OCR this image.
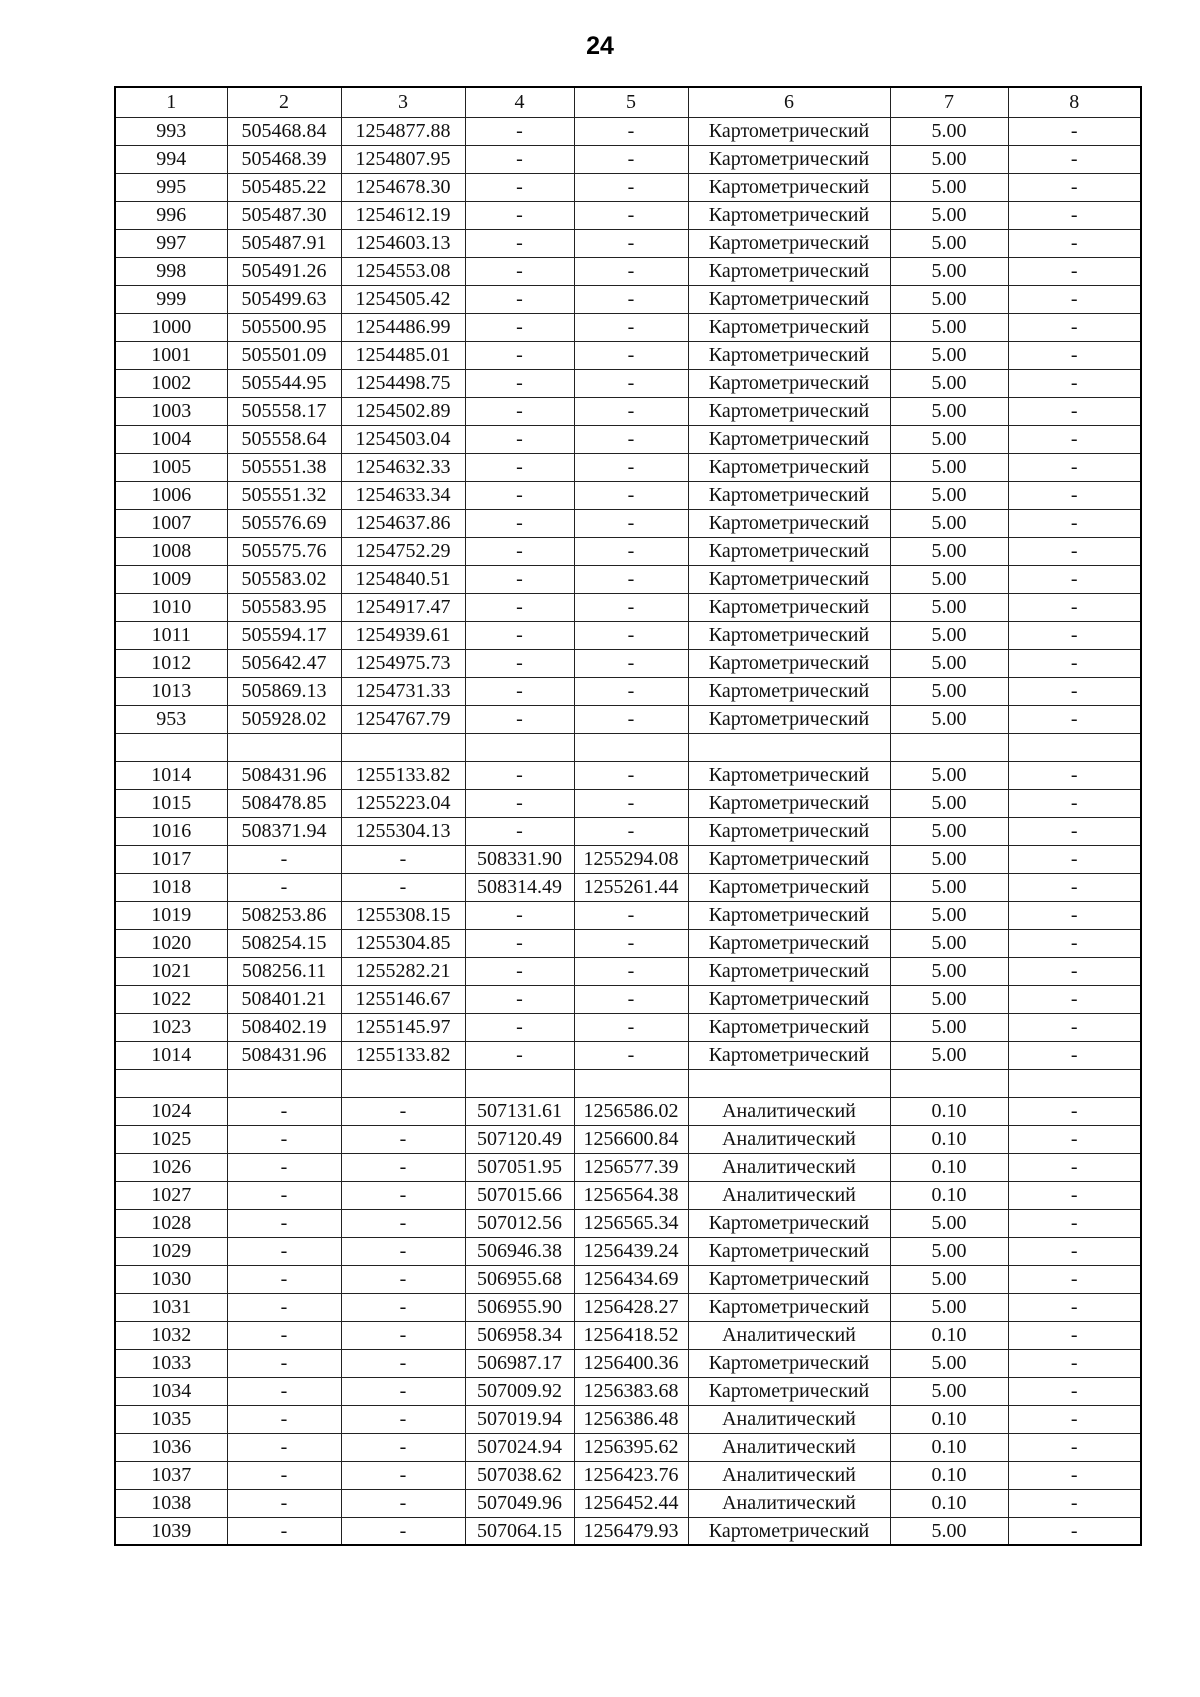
24
1	2	3	4	5	6	7	8
993	505468.84	1254877.88	-	-	Картометрический	5.00	-
994	505468.39	1254807.95	-	-	Картометрический	5.00	-
995	505485.22	1254678.30	-	-	Картометрический	5.00	-
996	505487.30	1254612.19	-	-	Картометрический	5.00	-
997	505487.91	1254603.13	-	-	Картометрический	5.00	-
998	505491.26	1254553.08	-	-	Картометрический	5.00	-
999	505499.63	1254505.42	-	-	Картометрический	5.00	-
1000	505500.95	1254486.99	-	-	Картометрический	5.00	-
1001	505501.09	1254485.01	-	-	Картометрический	5.00	-
1002	505544.95	1254498.75	-	-	Картометрический	5.00	-
1003	505558.17	1254502.89	-	-	Картометрический	5.00	-
1004	505558.64	1254503.04	-	-	Картометрический	5.00	-
1005	505551.38	1254632.33	-	-	Картометрический	5.00	-
1006	505551.32	1254633.34	-	-	Картометрический	5.00	-
1007	505576.69	1254637.86	-	-	Картометрический	5.00	-
1008	505575.76	1254752.29	-	-	Картометрический	5.00	-
1009	505583.02	1254840.51	-	-	Картометрический	5.00	-
1010	505583.95	1254917.47	-	-	Картометрический	5.00	-
1011	505594.17	1254939.61	-	-	Картометрический	5.00	-
1012	505642.47	1254975.73	-	-	Картометрический	5.00	-
1013	505869.13	1254731.33	-	-	Картометрический	5.00	-
953	505928.02	1254767.79	-	-	Картометрический	5.00	-

1014	508431.96	1255133.82	-	-	Картометрический	5.00	-
1015	508478.85	1255223.04	-	-	Картометрический	5.00	-
1016	508371.94	1255304.13	-	-	Картометрический	5.00	-
1017	-	-	508331.90	1255294.08	Картометрический	5.00	-
1018	-	-	508314.49	1255261.44	Картометрический	5.00	-
1019	508253.86	1255308.15	-	-	Картометрический	5.00	-
1020	508254.15	1255304.85	-	-	Картометрический	5.00	-
1021	508256.11	1255282.21	-	-	Картометрический	5.00	-
1022	508401.21	1255146.67	-	-	Картометрический	5.00	-
1023	508402.19	1255145.97	-	-	Картометрический	5.00	-
1014	508431.96	1255133.82	-	-	Картометрический	5.00	-

1024	-	-	507131.61	1256586.02	Аналитический	0.10	-
1025	-	-	507120.49	1256600.84	Аналитический	0.10	-
1026	-	-	507051.95	1256577.39	Аналитический	0.10	-
1027	-	-	507015.66	1256564.38	Аналитический	0.10	-
1028	-	-	507012.56	1256565.34	Картометрический	5.00	-
1029	-	-	506946.38	1256439.24	Картометрический	5.00	-
1030	-	-	506955.68	1256434.69	Картометрический	5.00	-
1031	-	-	506955.90	1256428.27	Картометрический	5.00	-
1032	-	-	506958.34	1256418.52	Аналитический	0.10	-
1033	-	-	506987.17	1256400.36	Картометрический	5.00	-
1034	-	-	507009.92	1256383.68	Картометрический	5.00	-
1035	-	-	507019.94	1256386.48	Аналитический	0.10	-
1036	-	-	507024.94	1256395.62	Аналитический	0.10	-
1037	-	-	507038.62	1256423.76	Аналитический	0.10	-
1038	-	-	507049.96	1256452.44	Аналитический	0.10	-
1039	-	-	507064.15	1256479.93	Картометрический	5.00	-
